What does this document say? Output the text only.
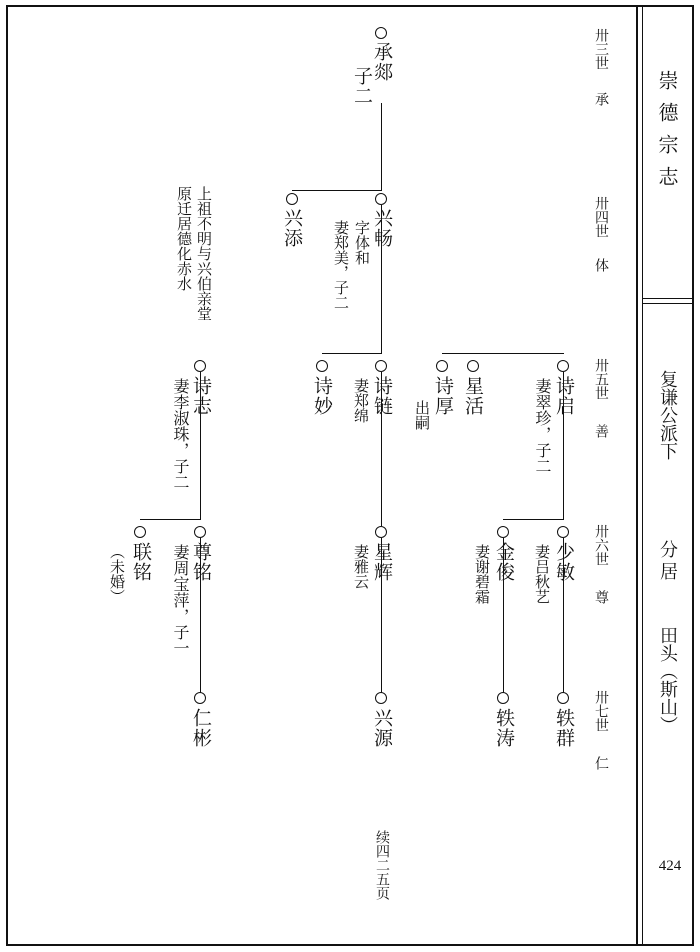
崇德宗志
复谦公派下
分居
田头（斯山）
424
卅三世
承
卅四世
体
卅五世
善
卅六世
尊
卅七世
仁
承郯
子二
兴添	兴畅
字体和
妻郑美，子二
上祖不明与兴伯亲堂
原迁居德化赤水
诗志
妻李淑珠，子二	诗妙 诗链
妻郑绵	诗厚
出嗣 星活	诗启
妻翠珍，子二
联铭
（未婚）	尊铭
妻周宝萍，子一	星辉
妻雅云	金俊
妻谢碧霜	少敏
妻吕秋艺
仁彬	兴源	轶涛 轶群
续四二五页
